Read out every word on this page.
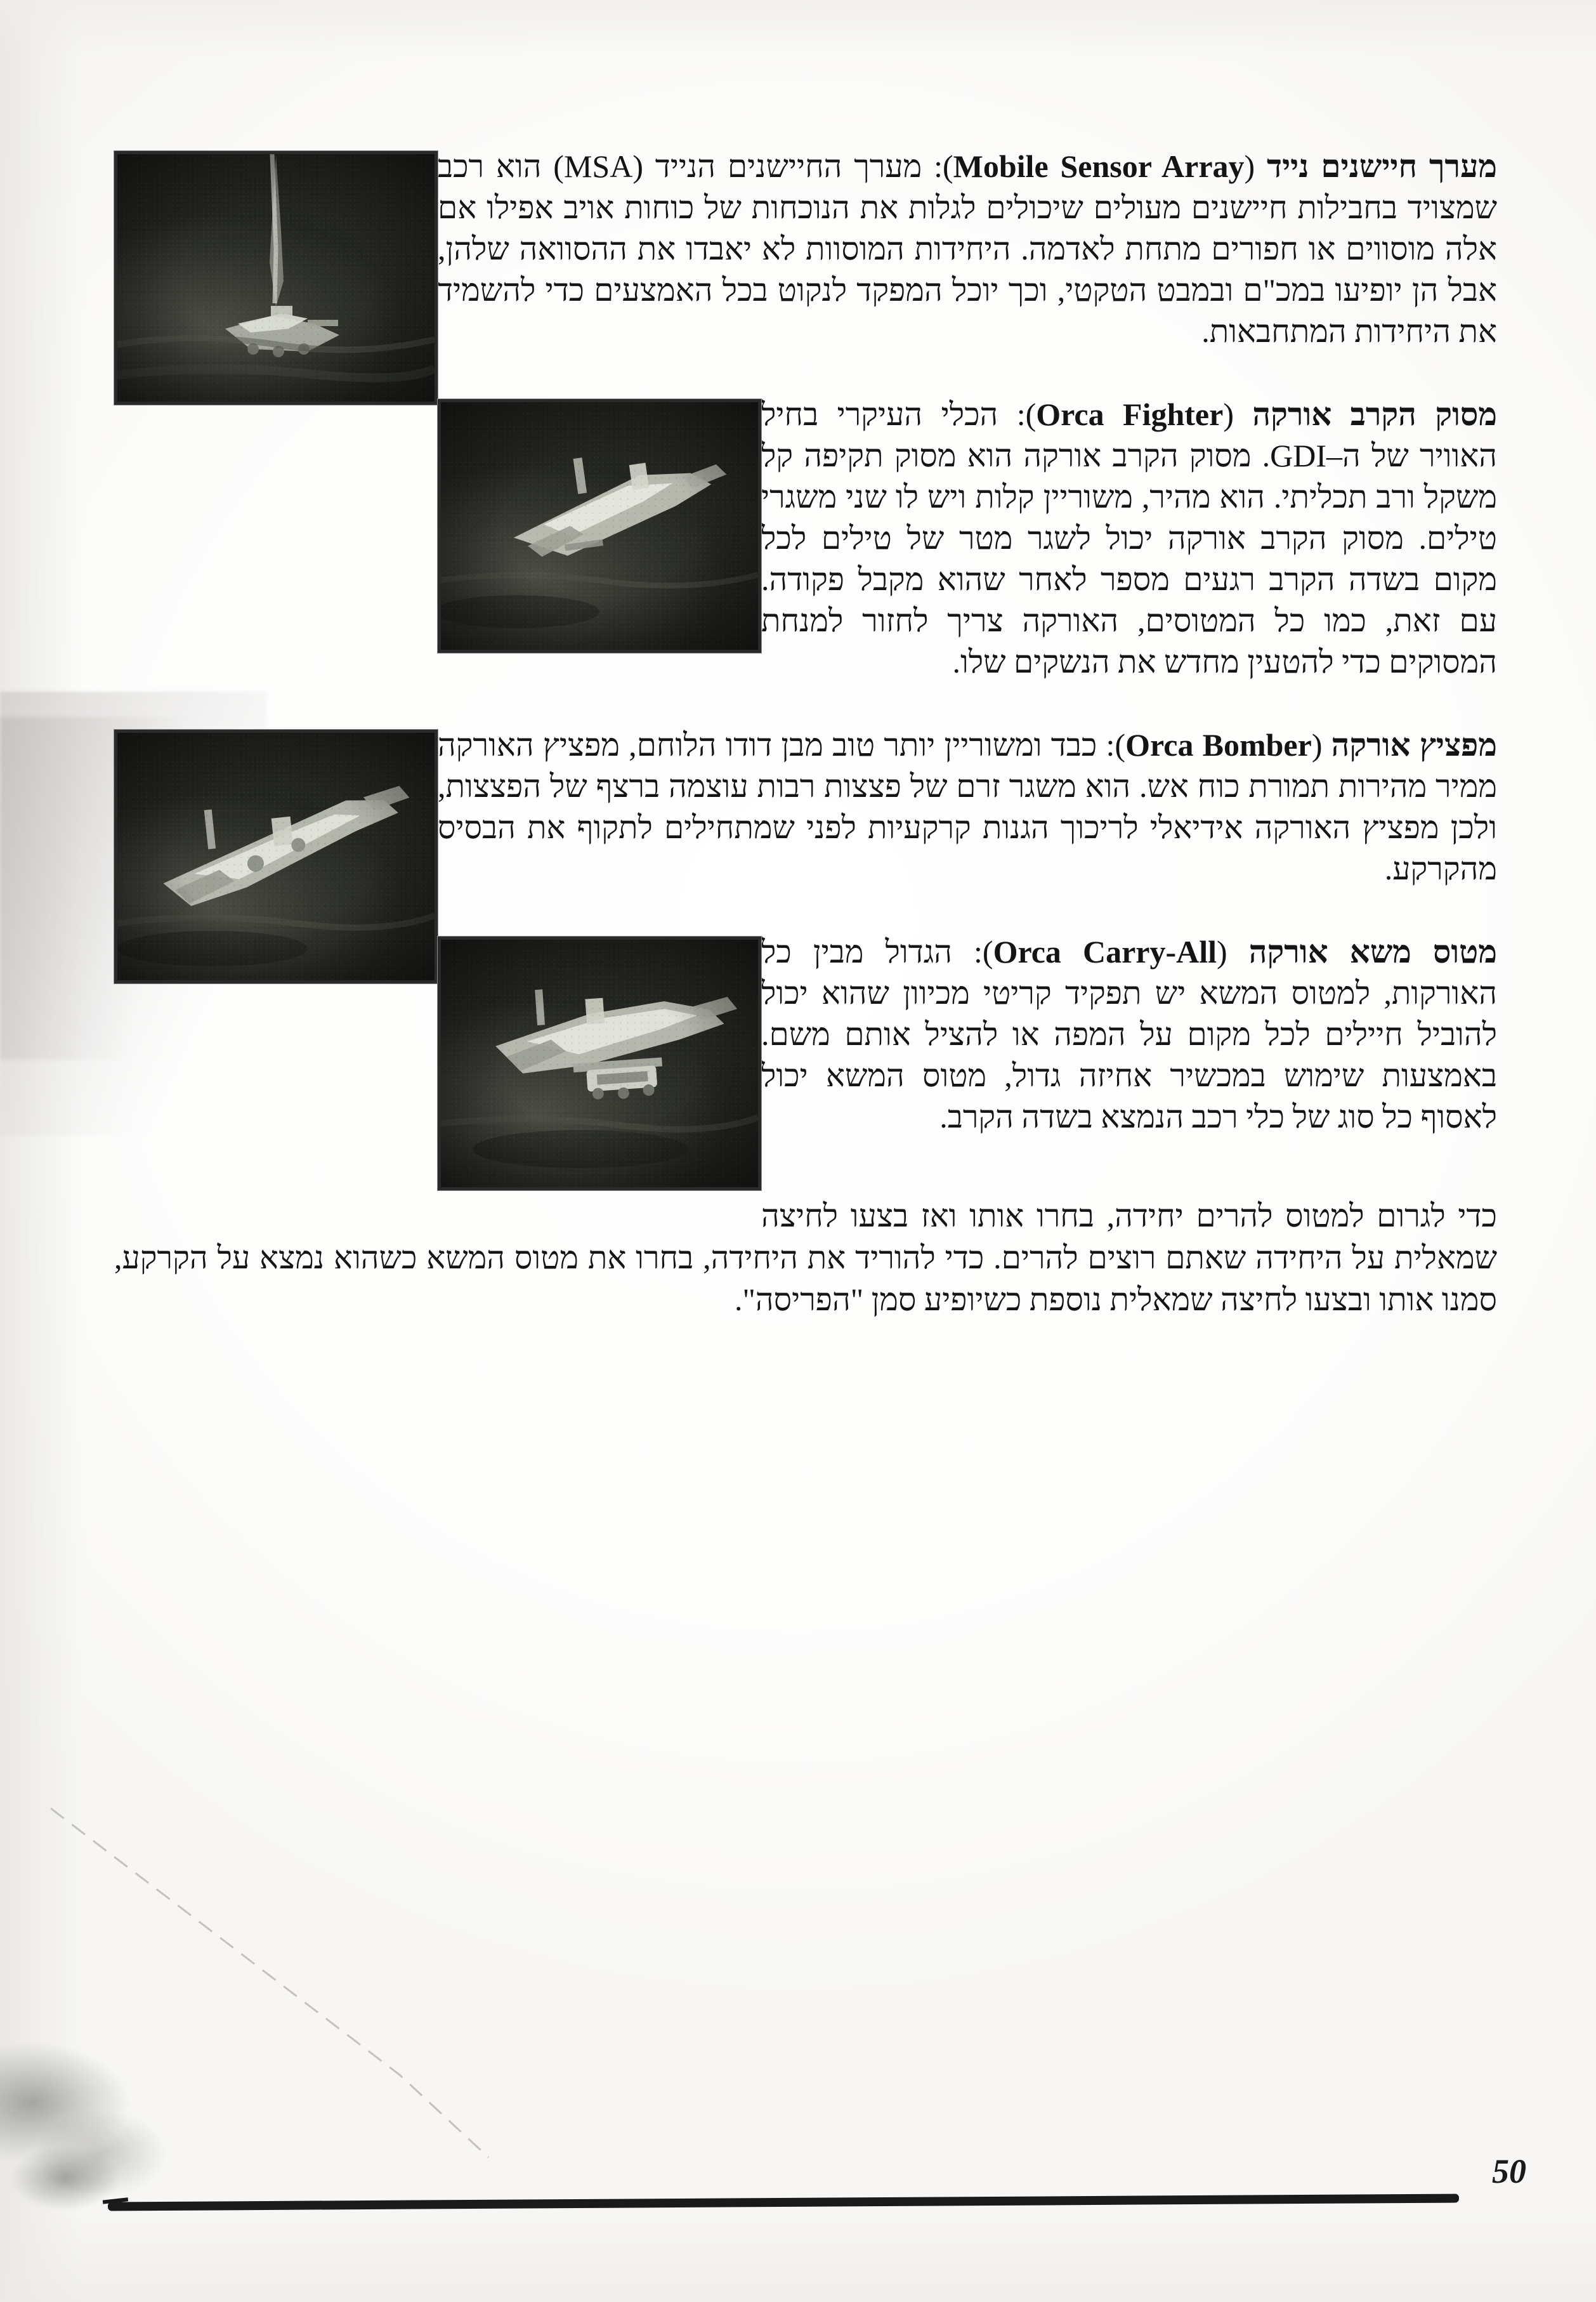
מערך חיישנים נייד (Mobile Sensor Array): מערך החיישנים הנייד (MSA) הוא רכב שמצויד בחבילות חיישנים מעולים שיכולים לגלות את הנוכחות של כוחות אויב אפילו אם אלה מוסווים או חפורים מתחת לאדמה. היחידות המוסוות לא יאבדו את ההסוואה שלהן, אבל הן יופיעו במכ"ם ובמבט הטקטי, וכך יוכל המפקד לנקוט בכל האמצעים כדי להשמיד את היחידות המתחבאות.
מסוק הקרב אורקה (Orca Fighter): הכלי העיקרי בחיל האוויר של ה–GDI. מסוק הקרב אורקה הוא מסוק תקיפה קל משקל ורב תכליתי. הוא מהיר, משוריין קלות ויש לו שני משגרי טילים. מסוק הקרב אורקה יכול לשגר מטר של טילים לכל מקום בשדה הקרב רגעים מספר לאחר שהוא מקבל פקודה. עם זאת, כמו כל המטוסים, האורקה צריך לחזור למנחת המסוקים כדי להטעין מחדש את הנשקים שלו.
מפציץ אורקה (Orca Bomber): כבד ומשוריין יותר טוב מבן דודו הלוחם, מפציץ האורקה ממיר מהירות תמורת כוח אש. הוא משגר זרם של פצצות רבות עוצמה ברצף של הפצצות, ולכן מפציץ האורקה אידיאלי לריכוך הגנות קרקעיות לפני שמתחילים לתקוף את הבסיס מהקרקע.
מטוס משא אורקה (Orca Carry-All): הגדול מבין כל האורקות, למטוס המשא יש תפקיד קריטי מכיוון שהוא יכול להוביל חיילים לכל מקום על המפה או להציל אותם משם. באמצעות שימוש במכשיר אחיזה גדול, מטוס המשא יכול לאסוף כל סוג של כלי רכב הנמצא בשדה הקרב.
כדי לגרום למטוס להרים יחידה, בחרו אותו ואז בצעו לחיצה שמאלית על היחידה שאתם רוצים להרים. כדי להוריד את היחידה, בחרו את מטוס המשא כשהוא נמצא על הקרקע, סמנו אותו ובצעו לחיצה שמאלית נוספת כשיופיע סמן "הפריסה".
50
